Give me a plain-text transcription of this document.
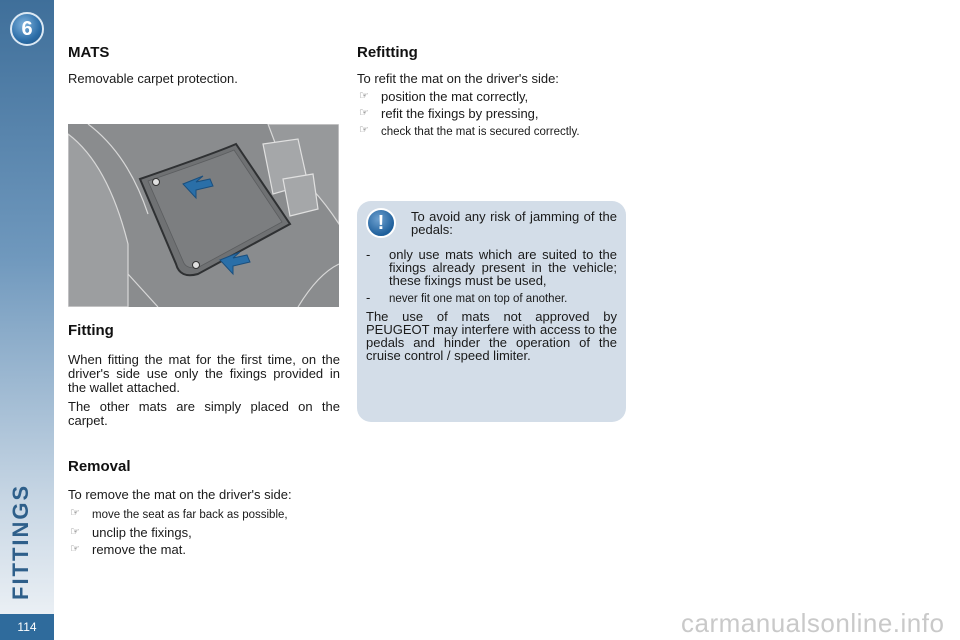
6
FITTINGS
114
MATS

Removable carpet protection.

Fitting

When fitting the mat for the first time, on the driver's side use only the fixings provided in the wallet attached.

The other mats are simply placed on the carpet.

Removal

To remove the mat on the driver's side:

☞ move the seat as far back as possible,
☞ unclip the fixings,
☞ remove the mat.
Refitting

To refit the mat on the driver's side:

☞ position the mat correctly,
☞ refit the fixings by pressing,
☞ check that the mat is secured correctly.
!	To avoid any risk of jamming of the pedals:
- only use mats which are suited to the fixings already present in the vehicle; these fixings must be used,
- never fit one mat on top of another.
The use of mats not approved by PEUGEOT may interfere with access to the pedals and hinder the operation of the cruise control / speed limiter.
carmanualsonline.info
